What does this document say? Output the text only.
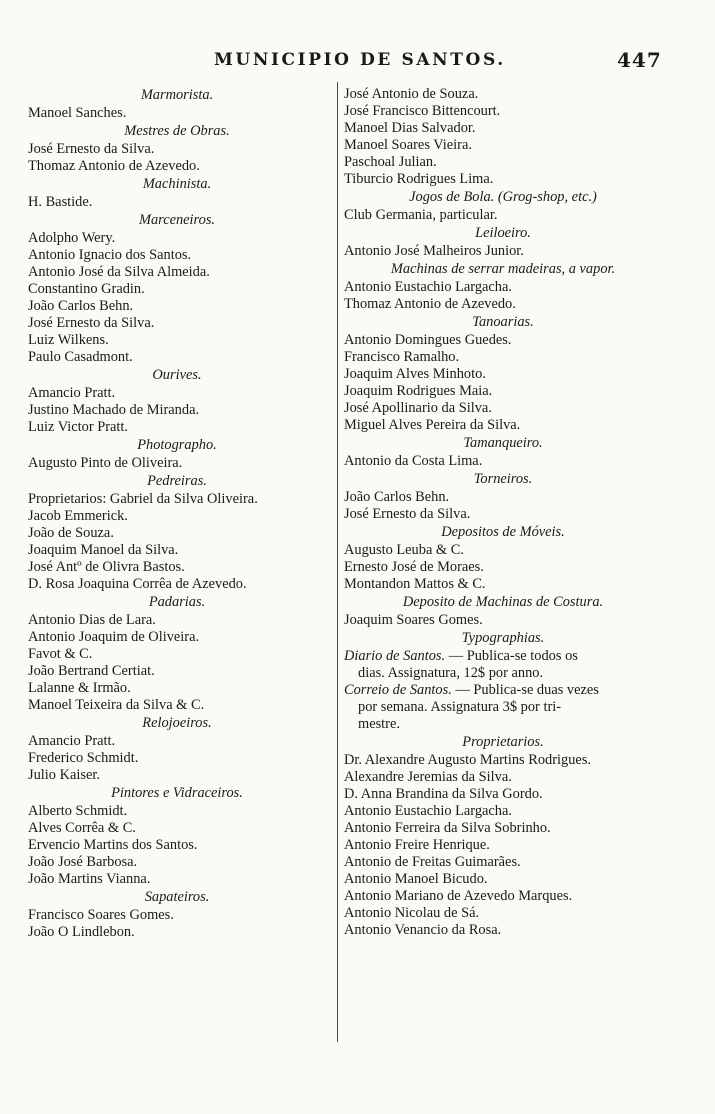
MUNICIPIO DE SANTOS.	447
Marmorista.
Manoel Sanches.
Mestres de Obras.
José Ernesto da Silva.
Thomaz Antonio de Azevedo.
Machinista.
H. Bastide.
Marceneiros.
Adolpho Wery.
Antonio Ignacio dos Santos.
Antonio José da Silva Almeida.
Constantino Gradin.
João Carlos Behn.
José Ernesto da Silva.
Luiz Wilkens.
Paulo Casadmont.
Ourives.
Amancio Pratt.
Justino Machado de Miranda.
Luiz Victor Pratt.
Photographo.
Augusto Pinto de Oliveira.
Pedreiras.
Proprietarios: Gabriel da Silva Oliveira.
Jacob Emmerick.
João de Souza.
Joaquim Manoel da Silva.
José Antº de Olivra Bastos.
D. Rosa Joaquina Corrêa de Azevedo.
Padarias.
Antonio Dias de Lara.
Antonio Joaquim de Oliveira.
Favot & C.
João Bertrand Certiat.
Lalanne & Irmão.
Manoel Teixeira da Silva & C.
Relojoeiros.
Amancio Pratt.
Frederico Schmidt.
Julio Kaiser.
Pintores e Vidraceiros.
Alberto Schmidt.
Alves Corrêa & C.
Ervencio Martins dos Santos.
João José Barbosa.
João Martins Vianna.
Sapateiros.
Francisco Soares Gomes.
João O Lindlebon.
José Antonio de Souza.
José Francisco Bittencourt.
Manoel Dias Salvador.
Manoel Soares Vieira.
Paschoal Julian.
Tiburcio Rodrigues Lima.
Jogos de Bola. (Grog-shop, etc.)
Club Germania, particular.
Leiloeiro.
Antonio José Malheiros Junior.
Machinas de serrar madeiras, a vapor.
Antonio Eustachio Largacha.
Thomaz Antonio de Azevedo.
Tanoarias.
Antonio Domingues Guedes.
Francisco Ramalho.
Joaquim Alves Minhoto.
Joaquim Rodrigues Maia.
José Apollinario da Silva.
Miguel Alves Pereira da Silva.
Tamanqueiro.
Antonio da Costa Lima.
Torneiros.
João Carlos Behn.
José Ernesto da Silva.
Depositos de Móveis.
Augusto Leuba & C.
Ernesto José de Moraes.
Montandon Mattos & C.
Deposito de Machinas de Costura.
Joaquim Soares Gomes.
Typographias.
Diario de Santos. — Publica-se todos os
dias. Assignatura, 12$ por anno.
Correio de Santos. — Publica-se duas vezes
por semana. Assignatura 3$ por tri-
mestre.
Proprietarios.
Dr. Alexandre Augusto Martins Rodrigues.
Alexandre Jeremias da Silva.
D. Anna Brandina da Silva Gordo.
Antonio Eustachio Largacha.
Antonio Ferreira da Silva Sobrinho.
Antonio Freire Henrique.
Antonio de Freitas Guimarães.
Antonio Manoel Bicudo.
Antonio Mariano de Azevedo Marques.
Antonio Nicolau de Sá.
Antonio Venancio da Rosa.
